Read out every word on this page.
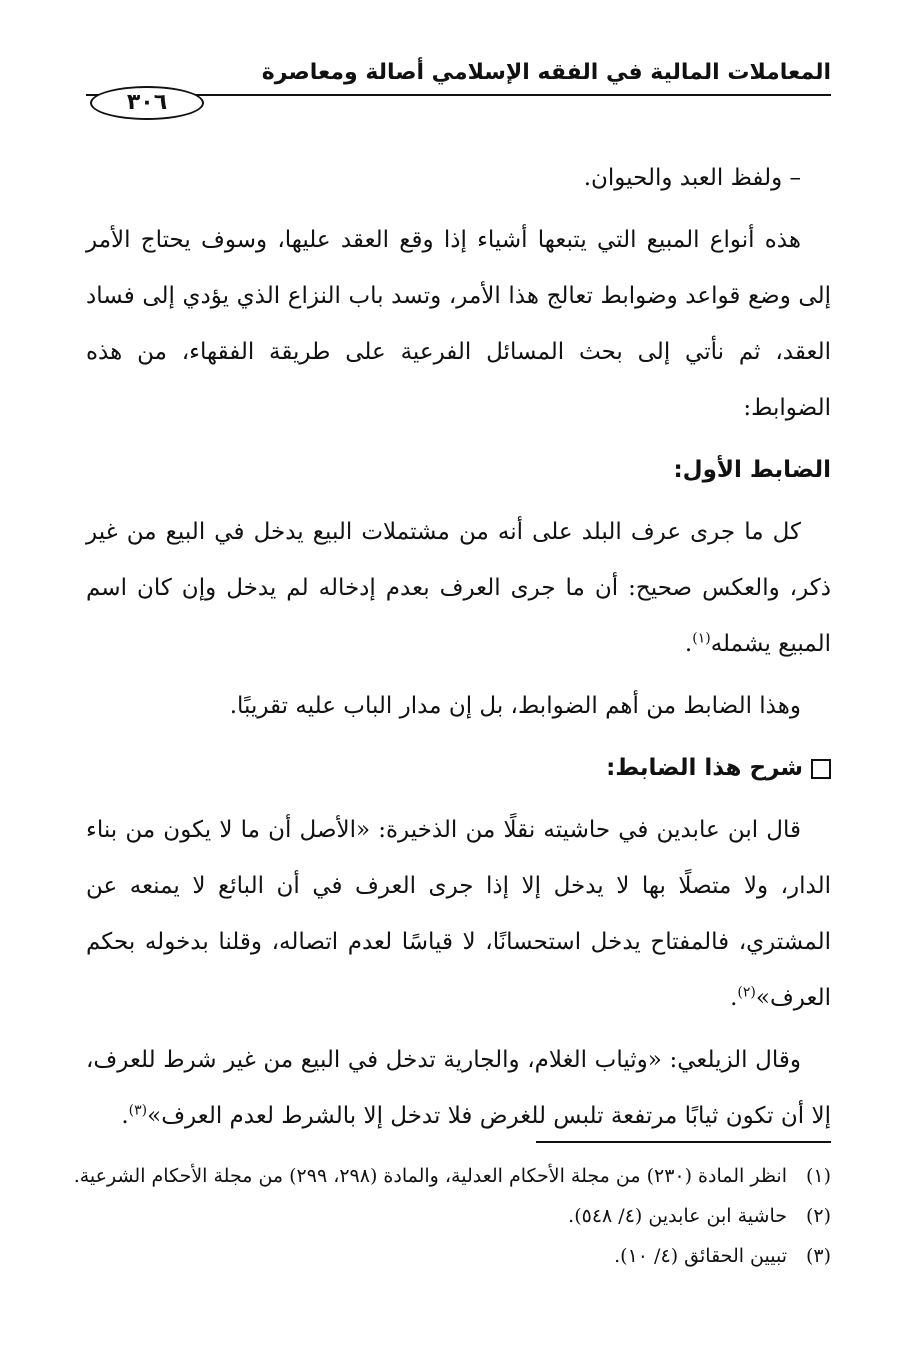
المعاملات المالية في الفقه الإسلامي أصالة ومعاصرة
٣٠٦

– ولفظ العبد والحيوان.

هذه أنواع المبيع التي يتبعها أشياء إذا وقع العقد عليها، وسوف يحتاج الأمر إلى وضع قواعد وضوابط تعالج هذا الأمر، وتسد باب النزاع الذي يؤدي إلى فساد العقد، ثم نأتي إلى بحث المسائل الفرعية على طريقة الفقهاء، من هذه الضوابط:

الضابط الأول:

كل ما جرى عرف البلد على أنه من مشتملات البيع يدخل في البيع من غير ذكر، والعكس صحيح: أن ما جرى العرف بعدم إدخاله لم يدخل وإن كان اسم المبيع يشمله$^{(١)}$.

وهذا الضابط من أهم الضوابط، بل إن مدار الباب عليه تقريبًا.

شرح هذا الضابط:

قال ابن عابدين في حاشيته نقلًا من الذخيرة: «الأصل أن ما لا يكون من بناء الدار، ولا متصلًا بها لا يدخل إلا إذا جرى العرف في أن البائع لا يمنعه عن المشتري، فالمفتاح يدخل استحسانًا، لا قياسًا لعدم اتصاله، وقلنا بدخوله بحكم العرف»$^{(٢)}$.

وقال الزيلعي: «وثياب الغلام، والجارية تدخل في البيع من غير شرط للعرف، إلا أن تكون ثيابًا مرتفعة تلبس للغرض فلا تدخل إلا بالشرط لعدم العرف»$^{(٣)}$.

(١)
انظر المادة (٢٣٠) من مجلة الأحكام العدلية، والمادة (٢٩٨، ٢٩٩) من مجلة الأحكام الشرعية.

(٢)
حاشية ابن عابدين (٤/ ٥٤٨).

(٣)
تبيين الحقائق (٤/ ١٠).
